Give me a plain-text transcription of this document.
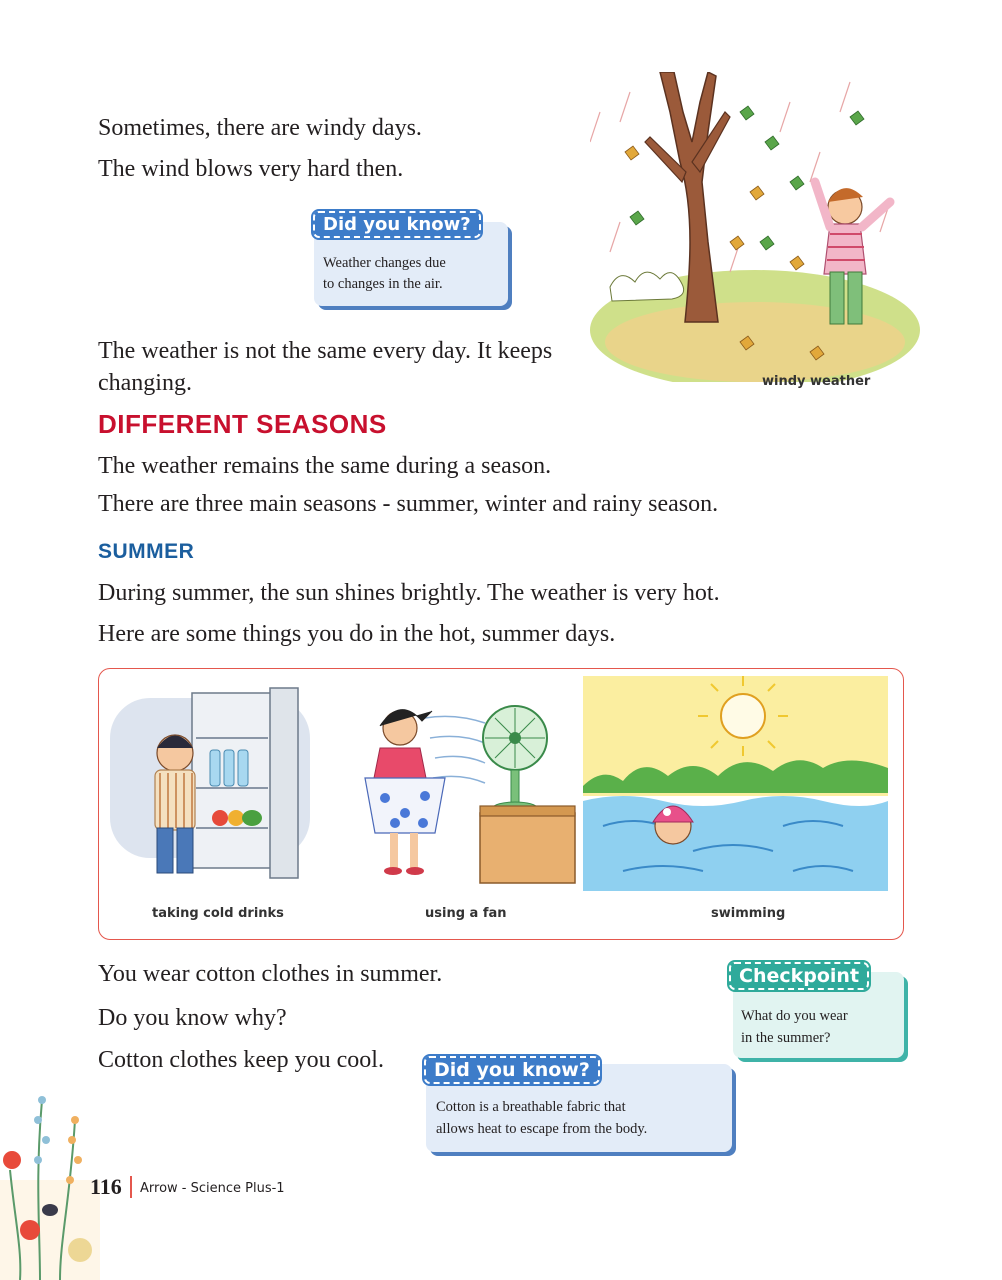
Sometimes, there are windy days.
The wind blows very hard then.
Did you know?
Weather changes due
to changes in the air.
windy weather
The weather is not the same every day. It keeps
changing.
DIFFERENT SEASONS
The weather remains the same during a season.
There are three main seasons - summer, winter and rainy season.
SUMMER
During summer, the sun shines brightly. The weather is very hot.
Here are some things you do in the hot, summer days.
taking cold drinks	using a fan	swimming
You wear cotton clothes in summer.
Do you know why?
Cotton clothes keep you cool.
Checkpoint
What do you wear
in the summer?
Did you know?
Cotton is a breathable fabric that
allows heat to escape from the body.
116 Arrow - Science Plus-1
